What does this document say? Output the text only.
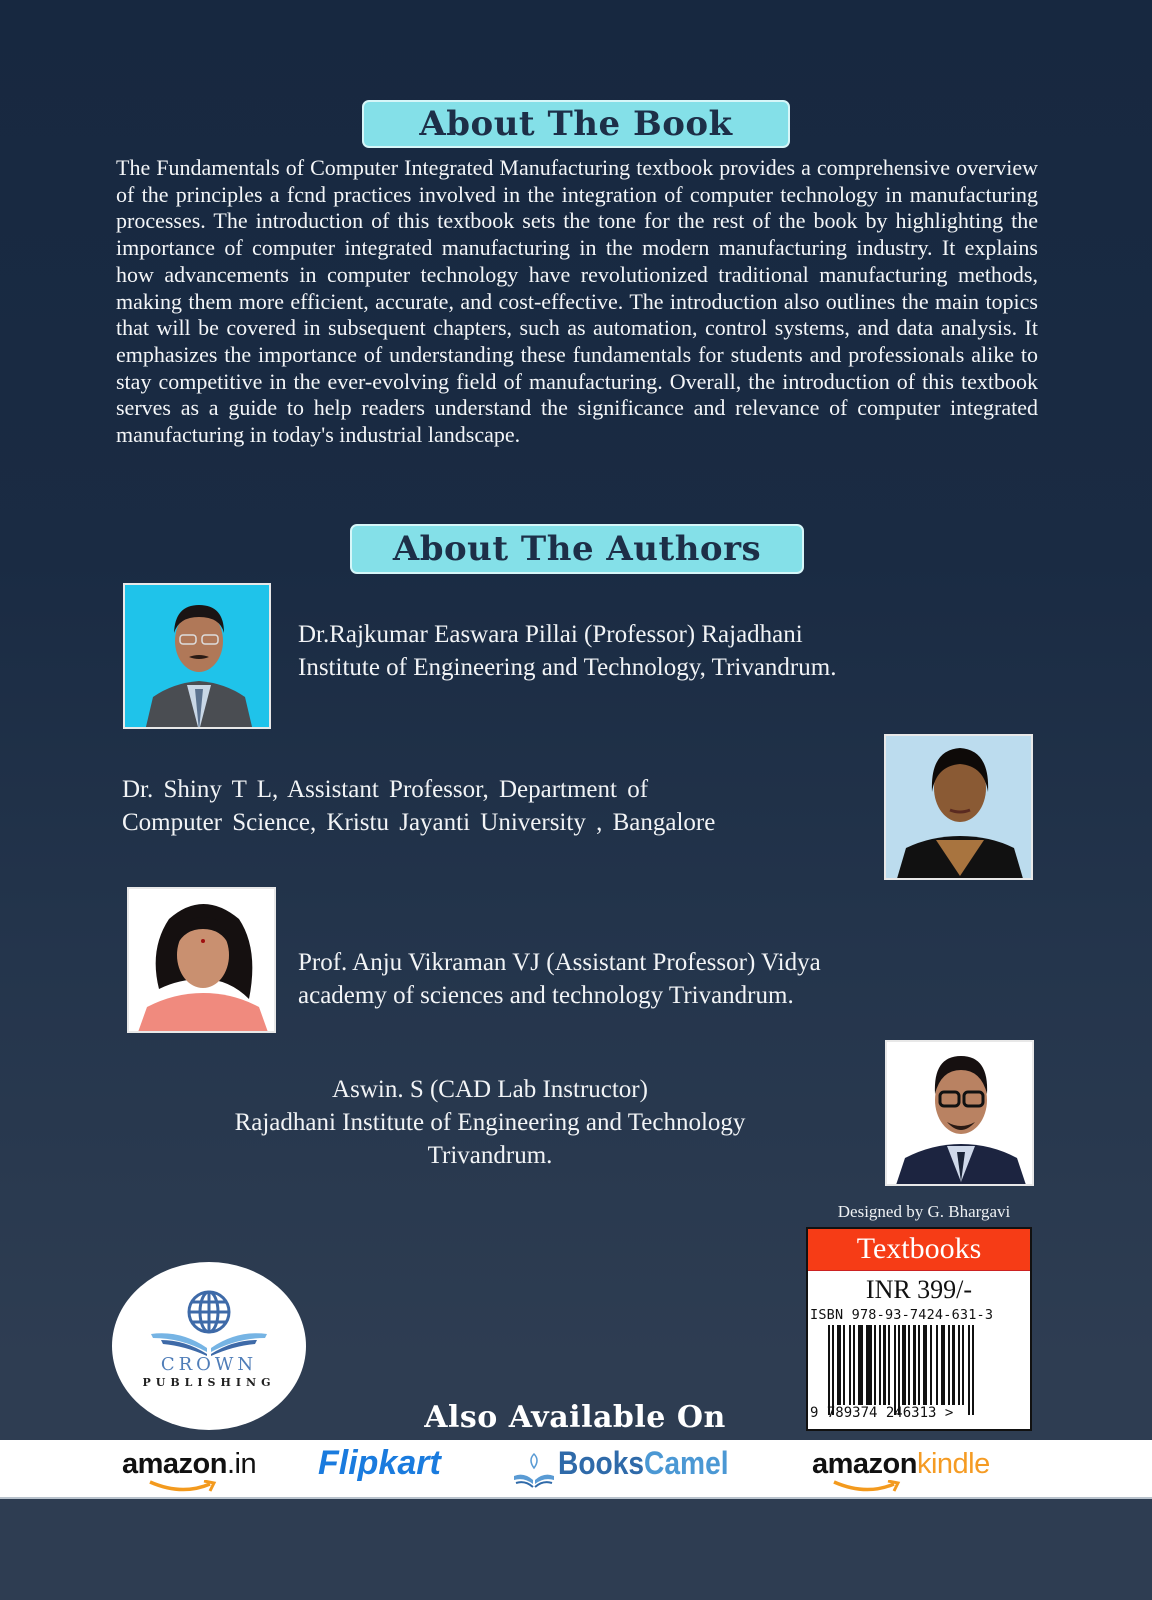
About The Book

The Fundamentals of Computer Integrated Manufacturing textbook provides a comprehensive overview of the principles a fcnd practices involved in the integration of computer technology in manufacturing processes. The introduction of this textbook sets the tone for the rest of the book by highlighting the importance of computer integrated manufacturing in the modern manufacturing industry. It explains how advancements in computer technology have revolutionized traditional manufacturing methods, making them more efficient, accurate, and cost-effective. The introduction also outlines the main topics that will be covered in subsequent chapters, such as automation, control systems, and data analysis. It emphasizes the importance of understanding these fundamentals for students and professionals alike to stay competitive in the ever-evolving field of manufacturing. Overall, the introduction of this textbook serves as a guide to help readers understand the significance and relevance of computer integrated manufacturing in today's industrial landscape.

About The Authors
Dr.Rajkumar Easwara Pillai (Professor) Rajadhani
Institute of Engineering and Technology, Trivandrum.
Dr. Shiny T L, Assistant Professor, Department of
Computer Science, Kristu Jayanti University , Bangalore
Prof. Anju Vikraman VJ (Assistant Professor) Vidya
academy of sciences and technology Trivandrum.
Aswin. S (CAD Lab Instructor)
Rajadhani Institute of Engineering and Technology
Trivandrum.
Designed by G. Bhargavi
Textbooks
INR 399/-
ISBN 978-93-7424-631-3
9 789374 246313 >
CROWN
PUBLISHING
Also Available On
amazon.in Flipkart	BooksCamel	amazonkindle
